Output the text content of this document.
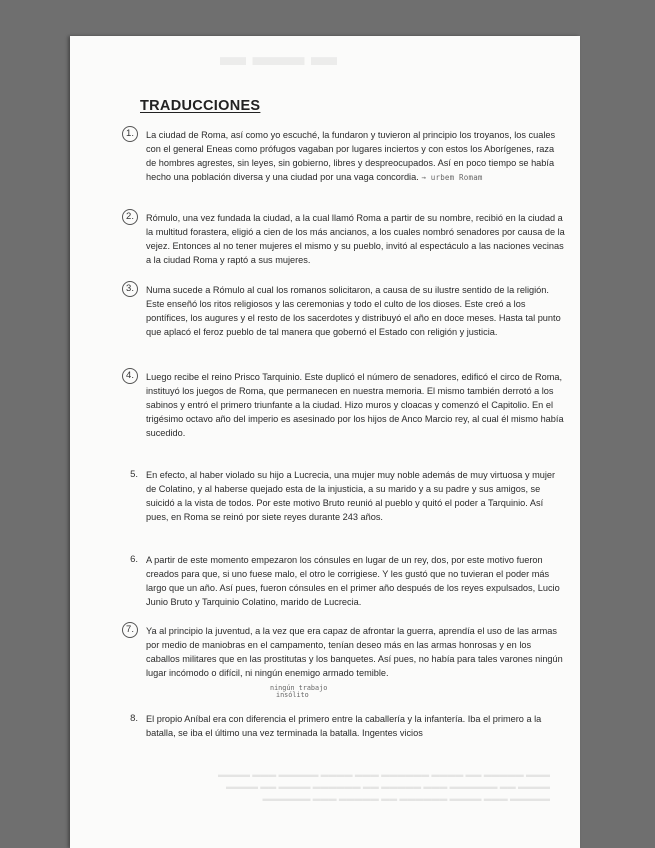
▬ ▬▬ ▬
TRADUCCIONES

1.	La ciudad de Roma, así como yo escuché, la fundaron y tuvieron al principio los troyanos, los cuales con el general Eneas como prófugos vagaban por lugares inciertos y con estos los Aborígenes, raza de hombres agrestes, sin leyes, sin gobierno, libres y despreocupados. Así en poco tiempo se había hecho una población diversa y una ciudad por una vaga concordia. → urbem Romam

2.	Rómulo, una vez fundada la ciudad, a la cual llamó Roma a partir de su nombre, recibió en la ciudad a la multitud forastera, eligió a cien de los más ancianos, a los cuales nombró senadores por causa de la vejez. Entonces al no tener mujeres el mismo y su pueblo, invitó al espectáculo a las naciones vecinas a la ciudad Roma y raptó a sus mujeres.

3.	Numa sucede a Rómulo al cual los romanos solicitaron, a causa de su ilustre sentido de la religión. Este enseñó los ritos religiosos y las ceremonias y todo el culto de los dioses. Este creó a los pontífices, los augures y el resto de los sacerdotes y distribuyó el año en doce meses. Hasta tal punto que aplacó el feroz pueblo de tal manera que gobernó el Estado con religión y justicia.

4.	Luego recibe el reino Prisco Tarquinio. Este duplicó el número de senadores, edificó el circo de Roma, instituyó los juegos de Roma, que permanecen en nuestra memoria. El mismo también derrotó a los sabinos y entró el primero triunfante a la ciudad. Hizo muros y cloacas y comenzó el Capitolio. En el trigésimo octavo año del imperio es asesinado por los hijos de Anco Marcio rey, al cual él mismo había sucedido.

5. En efecto, al haber violado su hijo a Lucrecia, una mujer muy noble además de muy virtuosa y mujer de Colatino, y al haberse quejado esta de la injusticia, a su marido y a su padre y sus amigos, se suicidó a la vista de todos. Por este motivo Bruto reunió al pueblo y quitó el poder a Tarquinio. Así pues, en Roma se reinó por siete reyes durante 243 años.

6. A partir de este momento empezaron los cónsules en lugar de un rey, dos, por este motivo fueron creados para que, si uno fuese malo, el otro le corrigiese. Y les gustó que no tuvieran el poder más largo que un año. Así pues, fueron cónsules en el primer año después de los reyes expulsados, Lucio Junio Bruto y Tarquinio Colatino, marido de Lucrecia.

7.	Ya al principio la juventud, a la vez que era capaz de afrontar la guerra, aprendía el uso de las armas por medio de maniobras en el campamento, tenían deseo más en las armas honrosas y en los caballos militares que en las prostitutas y los banquetes. Así pues, no había para tales varones ningún lugar incómodo o difícil, ni ningún enemigo armado temible.

ningún trabajo
insólito

8. El propio Aníbal era con diferencia el primero entre la caballería y la infantería. Iba el primero a la batalla, se iba el último una vez terminada la batalla. Ingentes vicios

▬▬▬ ▬▬▬▬▬ ▬▬ ▬▬▬▬ ▬▬▬▬▬▬ ▬▬▬ ▬▬▬▬ ▬▬▬▬▬ ▬▬▬ ▬▬▬▬
▬▬▬▬ ▬▬ ▬▬▬▬▬▬ ▬▬▬ ▬▬▬▬▬ ▬▬ ▬▬▬▬▬▬ ▬▬▬▬ ▬▬ ▬▬▬▬
▬▬▬▬▬ ▬▬▬ ▬▬▬▬ ▬▬▬▬▬▬ ▬▬ ▬▬▬▬▬ ▬▬▬ ▬▬▬▬▬▬
